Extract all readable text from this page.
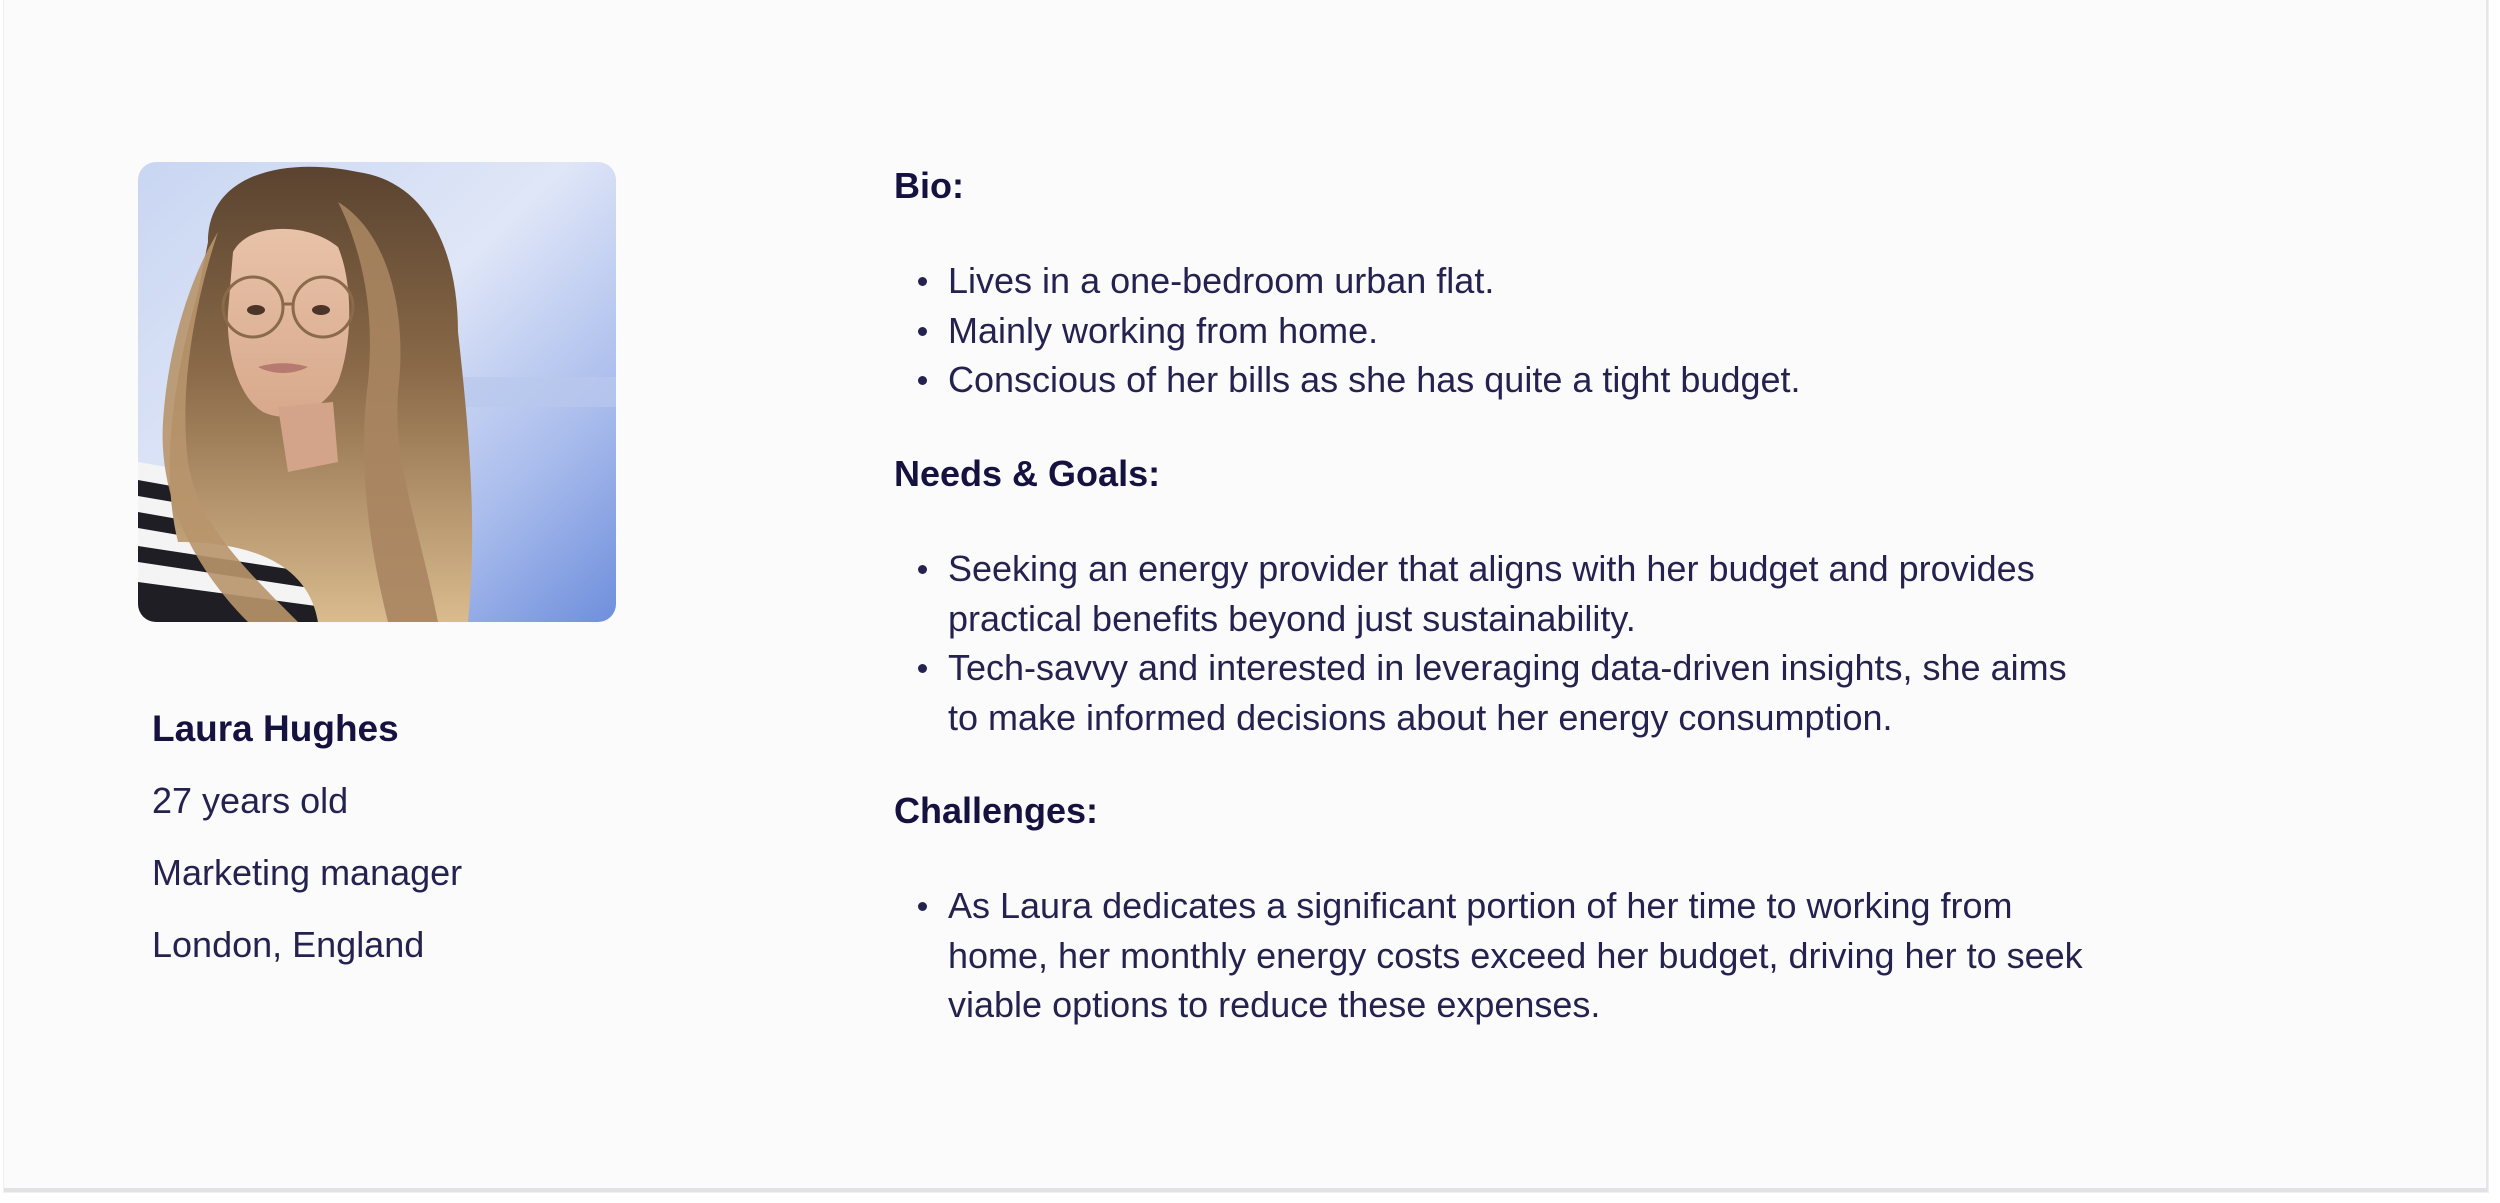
Laura Hughes
27 years old
Marketing manager
London, England
Bio:
Lives in a one-bedroom urban flat.
Mainly working from home.
Conscious of her bills as she has quite a tight budget.
Needs & Goals:
Seeking an energy provider that aligns with her budget and provides
practical benefits beyond just sustainability.
Tech-savvy and interested in leveraging data-driven insights, she aims
to make informed decisions about her energy consumption.
Challenges:
As Laura dedicates a significant portion of her time to working from
home, her monthly energy costs exceed her budget, driving her to seek
viable options to reduce these expenses.
